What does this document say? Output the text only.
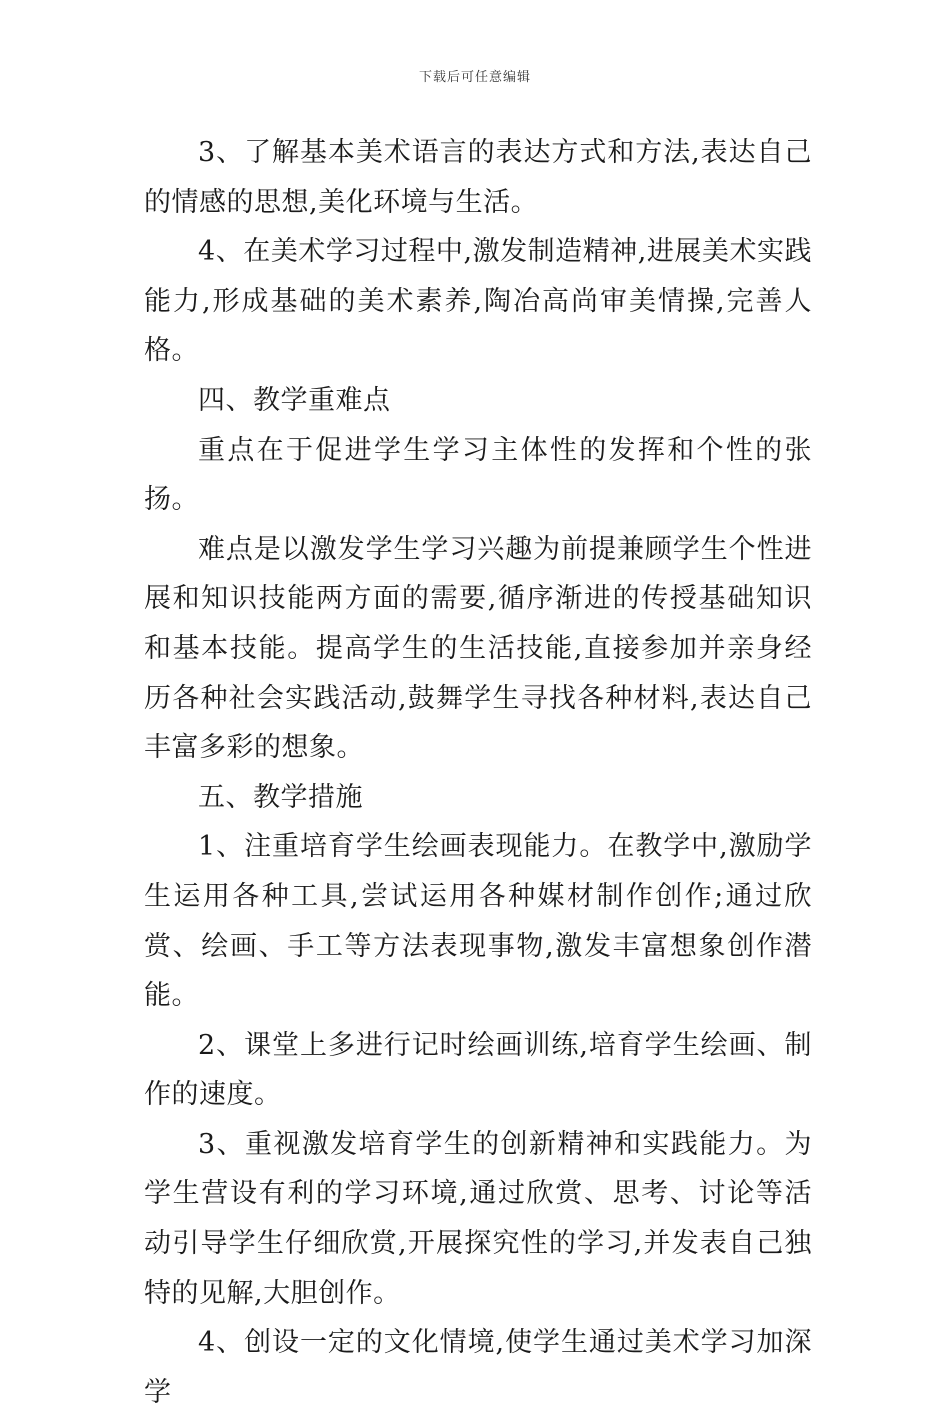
下载后可任意编辑

3、了解基本美术语言的表达方式和方法,表达自己的情感的思想,美化环境与生活。

4、在美术学习过程中,激发制造精神,进展美术实践能力,形成基础的美术素养,陶冶高尚审美情操,完善人格。

四、教学重难点

重点在于促进学生学习主体性的发挥和个性的张扬。

难点是以激发学生学习兴趣为前提兼顾学生个性进展和知识技能两方面的需要,循序渐进的传授基础知识和基本技能。提高学生的生活技能,直接参加并亲身经历各种社会实践活动,鼓舞学生寻找各种材料,表达自己丰富多彩的想象。

五、教学措施

1、注重培育学生绘画表现能力。在教学中,激励学生运用各种工具,尝试运用各种媒材制作创作;通过欣赏、绘画、手工等方法表现事物,激发丰富想象创作潜能。

2、课堂上多进行记时绘画训练,培育学生绘画、制作的速度。

3、重视激发培育学生的创新精神和实践能力。为学生营设有利的学习环境,通过欣赏、思考、讨论等活动引导学生仔细欣赏,开展探究性的学习,并发表自己独特的见解,大胆创作。

4、创设一定的文化情境,使学生通过美术学习加深学
